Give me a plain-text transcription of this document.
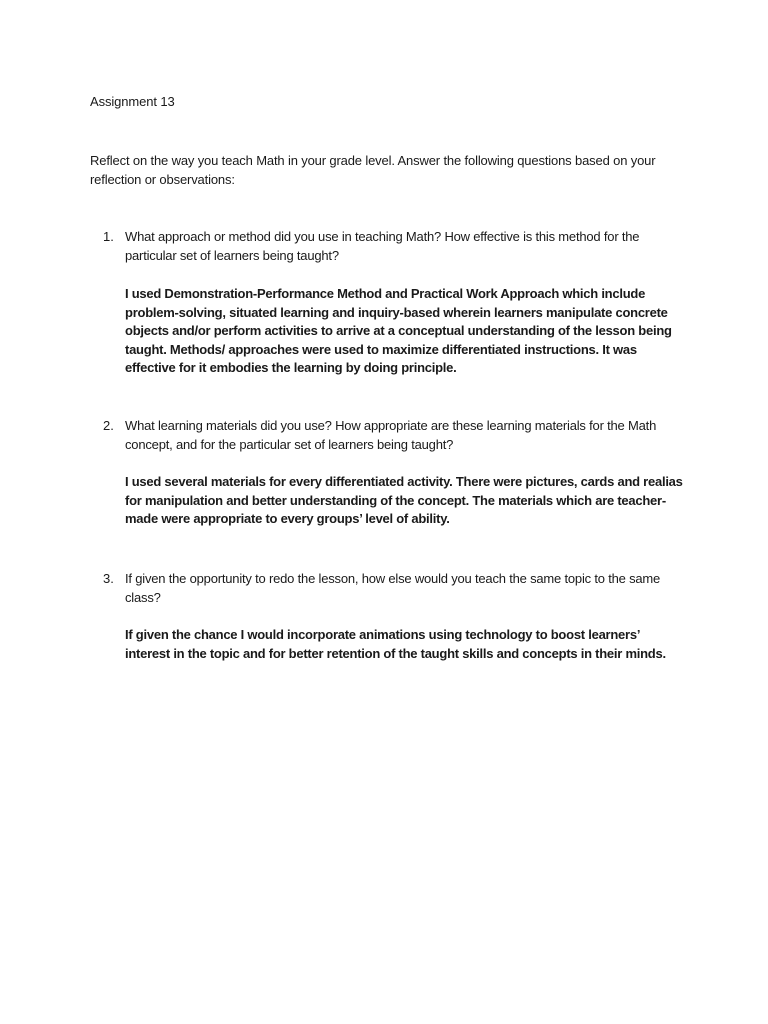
Assignment 13
Reflect on the way you teach Math in your grade level. Answer the following questions based on your reflection or observations:
1. What approach or method did you use in teaching Math? How effective is this method for the particular set of learners being taught?
I used Demonstration-Performance Method and Practical Work Approach which include problem-solving, situated learning and inquiry-based wherein learners manipulate concrete objects and/or perform activities to arrive at a conceptual understanding of the lesson being taught. Methods/ approaches were used to maximize differentiated instructions. It was effective for it embodies the learning by doing principle.
2. What learning materials did you use? How appropriate are these learning materials for the Math concept, and for the particular set of learners being taught?
I used several materials for every differentiated activity. There were pictures, cards and realias for manipulation and better understanding of the concept. The materials which are teacher-made were appropriate to every groups’ level of ability.
3. If given the opportunity to redo the lesson, how else would you teach the same topic to the same class?
If given the chance I would incorporate animations using technology to boost learners’ interest in the topic and for better retention of the taught skills and concepts in their minds.
